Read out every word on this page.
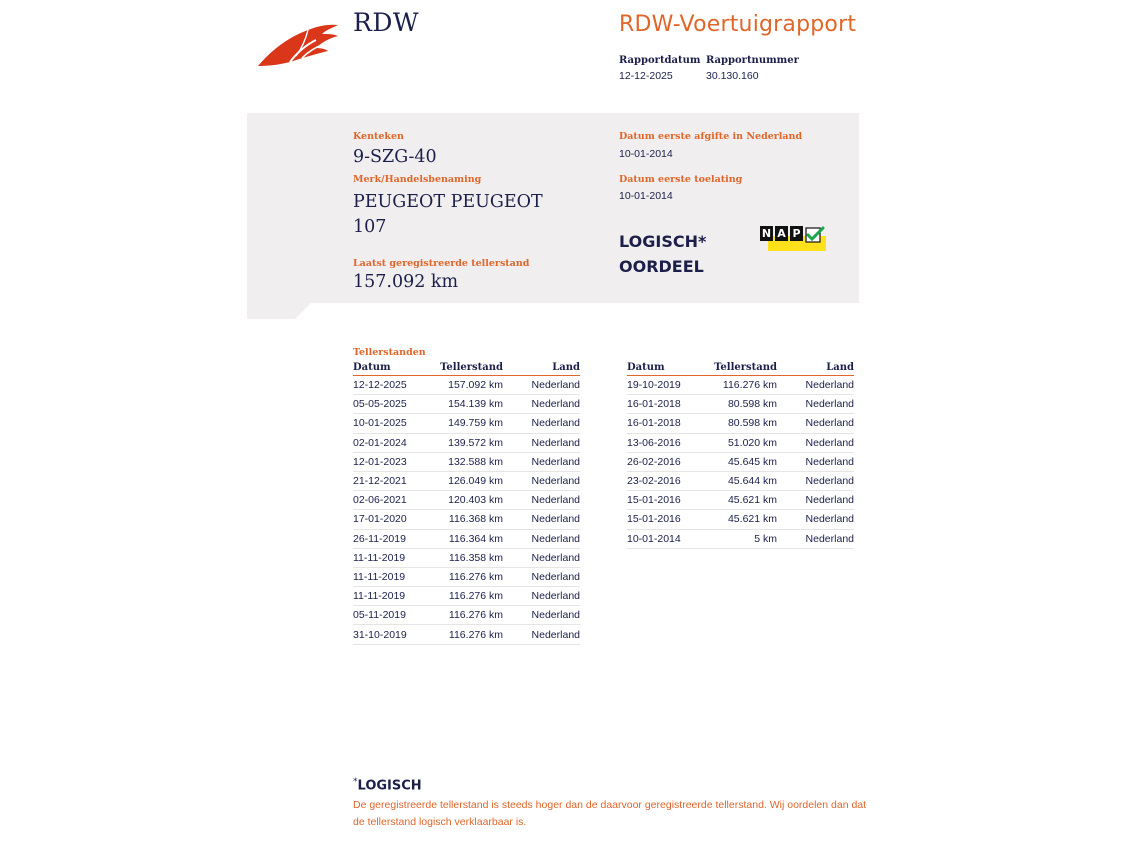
RDW	RDW-Voertuigrapport
Rapportdatum
12-12-2025
Rapportnummer
30.130.160
Kenteken
9-SZG-40
Merk/Handelsbenaming
PEUGEOT PEUGEOT
107
Laatst geregistreerde tellerstand
157.092 km
Datum eerste afgifte in Nederland
10-01-2014
Datum eerste toelating
10-01-2014
LOGISCH*
OORDEEL
N A P
Tellerstanden
Datum	Tellerstand	Land
12-12-2025	157.092 km	Nederland
05-05-2025	154.139 km	Nederland
10-01-2025	149.759 km	Nederland
02-01-2024	139.572 km	Nederland
12-01-2023	132.588 km	Nederland
21-12-2021	126.049 km	Nederland
02-06-2021	120.403 km	Nederland
17-01-2020	116.368 km	Nederland
26-11-2019	116.364 km	Nederland
11-11-2019	116.358 km	Nederland
11-11-2019	116.276 km	Nederland
11-11-2019	116.276 km	Nederland
05-11-2019	116.276 km	Nederland
31-10-2019	116.276 km	Nederland
Datum	Tellerstand	Land
19-10-2019	116.276 km	Nederland
16-01-2018	80.598 km	Nederland
16-01-2018	80.598 km	Nederland
13-06-2016	51.020 km	Nederland
26-02-2016	45.645 km	Nederland
23-02-2016	45.644 km	Nederland
15-01-2016	45.621 km	Nederland
15-01-2016	45.621 km	Nederland
10-01-2014	5 km	Nederland
*LOGISCH
De geregistreerde tellerstand is steeds hoger dan de daarvoor geregistreerde tellerstand. Wij oordelen dan dat de tellerstand logisch verklaarbaar is.
